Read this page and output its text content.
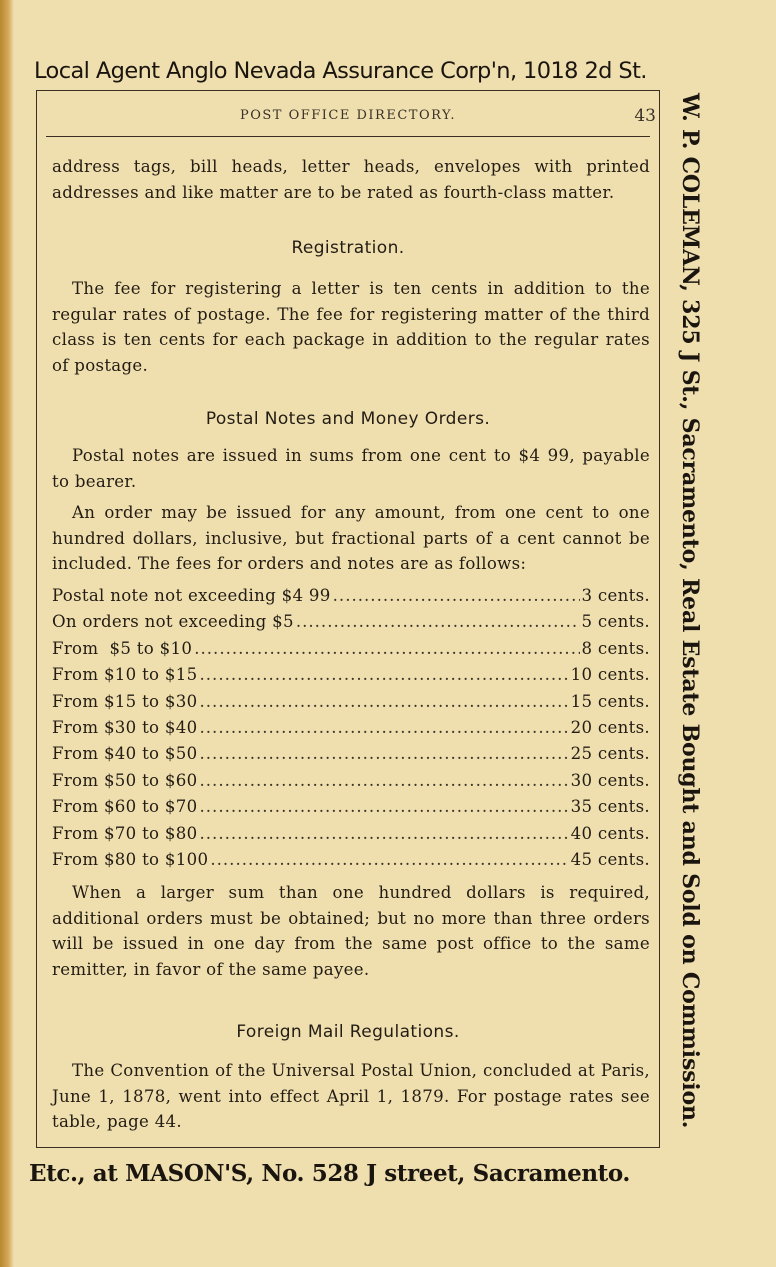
Local Agent Anglo Nevada Assurance Corp'n, 1018 2d St.
W. P. COLEMAN, 325 J St., Sacramento, Real Estate Bought and Sold on Commission.
POST OFFICE DIRECTORY.	43

address tags, bill heads, letter heads, envelopes with printed addresses and like matter are to be rated as fourth-class matter.

Registration.

The fee for registering a letter is ten cents in addition to the regular rates of postage. The fee for registering matter of the third class is ten cents for each package in addition to the regular rates of postage.

Postal Notes and Money Orders.

Postal notes are issued in sums from one cent to $4 99, payable to bearer.

An order may be issued for any amount, from one cent to one hundred dollars, inclusive, but fractional parts of a cent cannot be included. The fees for orders and notes are as follows:

Postal note not exceeding $4 99 .....	3 cents.
On orders not exceeding $5 .....	5 cents.
From  $5 to $10 .....	8 cents.
From $10 to $15 .....	10 cents.
From $15 to $30 .....	15 cents.
From $30 to $40 .....	20 cents.
From $40 to $50 .....	25 cents.
From $50 to $60 .....	30 cents.
From $60 to $70 .....	35 cents.
From $70 to $80 .....	40 cents.
From $80 to $100 .....	45 cents.

When a larger sum than one hundred dollars is required, additional orders must be obtained; but no more than three orders will be issued in one day from the same post office to the same remitter, in favor of the same payee.

Foreign Mail Regulations.

The Convention of the Universal Postal Union, concluded at Paris, June 1, 1878, went into effect April 1, 1879. For postage rates see table, page 44.

Etc., at MASON'S, No. 528 J street, Sacramento.
